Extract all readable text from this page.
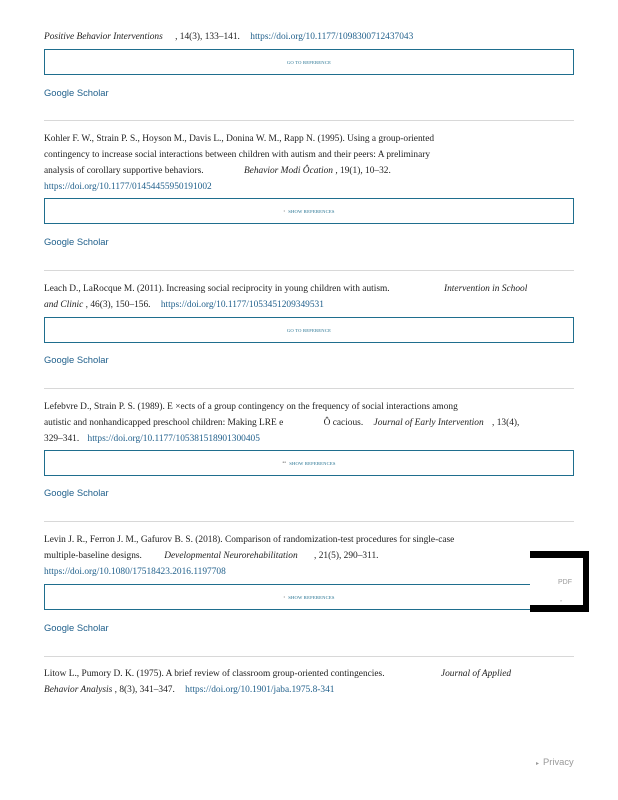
Positive Behavior Interventions , 14(3), 133–141. https://doi.org/10.1177/1098300712437043

GO TO REFERENCE
Google Scholar

Kohler F. W., Strain P. S., Hoyson M., Davis L., Donina W. M., Rapp N. (1995). Using a group-oriented
contingency to increase social interactions between children with autism and their peers: A preliminary
analysis of corollary supportive behaviors.	Behavior Modi Ôcation , 19(1), 10–32.
https://doi.org/10.1177/01454455950191002

› SHOW REFERENCES
Google Scholar

Leach D., LaRocque M. (2011). Increasing social reciprocity in young children with autism.	Intervention in School
and Clinic , 46(3), 150–156. https://doi.org/10.1177/1053451209349531

GO TO REFERENCE
Google Scholar

Lefebvre D., Strain P. S. (1989). E ×ects of a group contingency on the frequency of social interactions among
autistic and nonhandicapped preschool children: Making LRE e	Ô cacious. Journal of Early Intervention , 13(4),
329–341. https://doi.org/10.1177/105381518901300405

•• SHOW REFERENCES
Google Scholar

Levin J. R., Ferron J. M., Gafurov B. S. (2018). Comparison of randomization-test procedures for single-case
multiple-baseline designs. Developmental Neurorehabilitation , 21(5), 290–311.
https://doi.org/10.1080/17518423.2016.1197708

› SHOW REFERENCES
Google Scholar

Litow L., Pumory D. K. (1975). A brief review of classroom group-oriented contingencies.	Journal of Applied
Behavior Analysis , 8(3), 341–347. https://doi.org/10.1901/jaba.1975.8-341

PDF
»
▸ Privacy
